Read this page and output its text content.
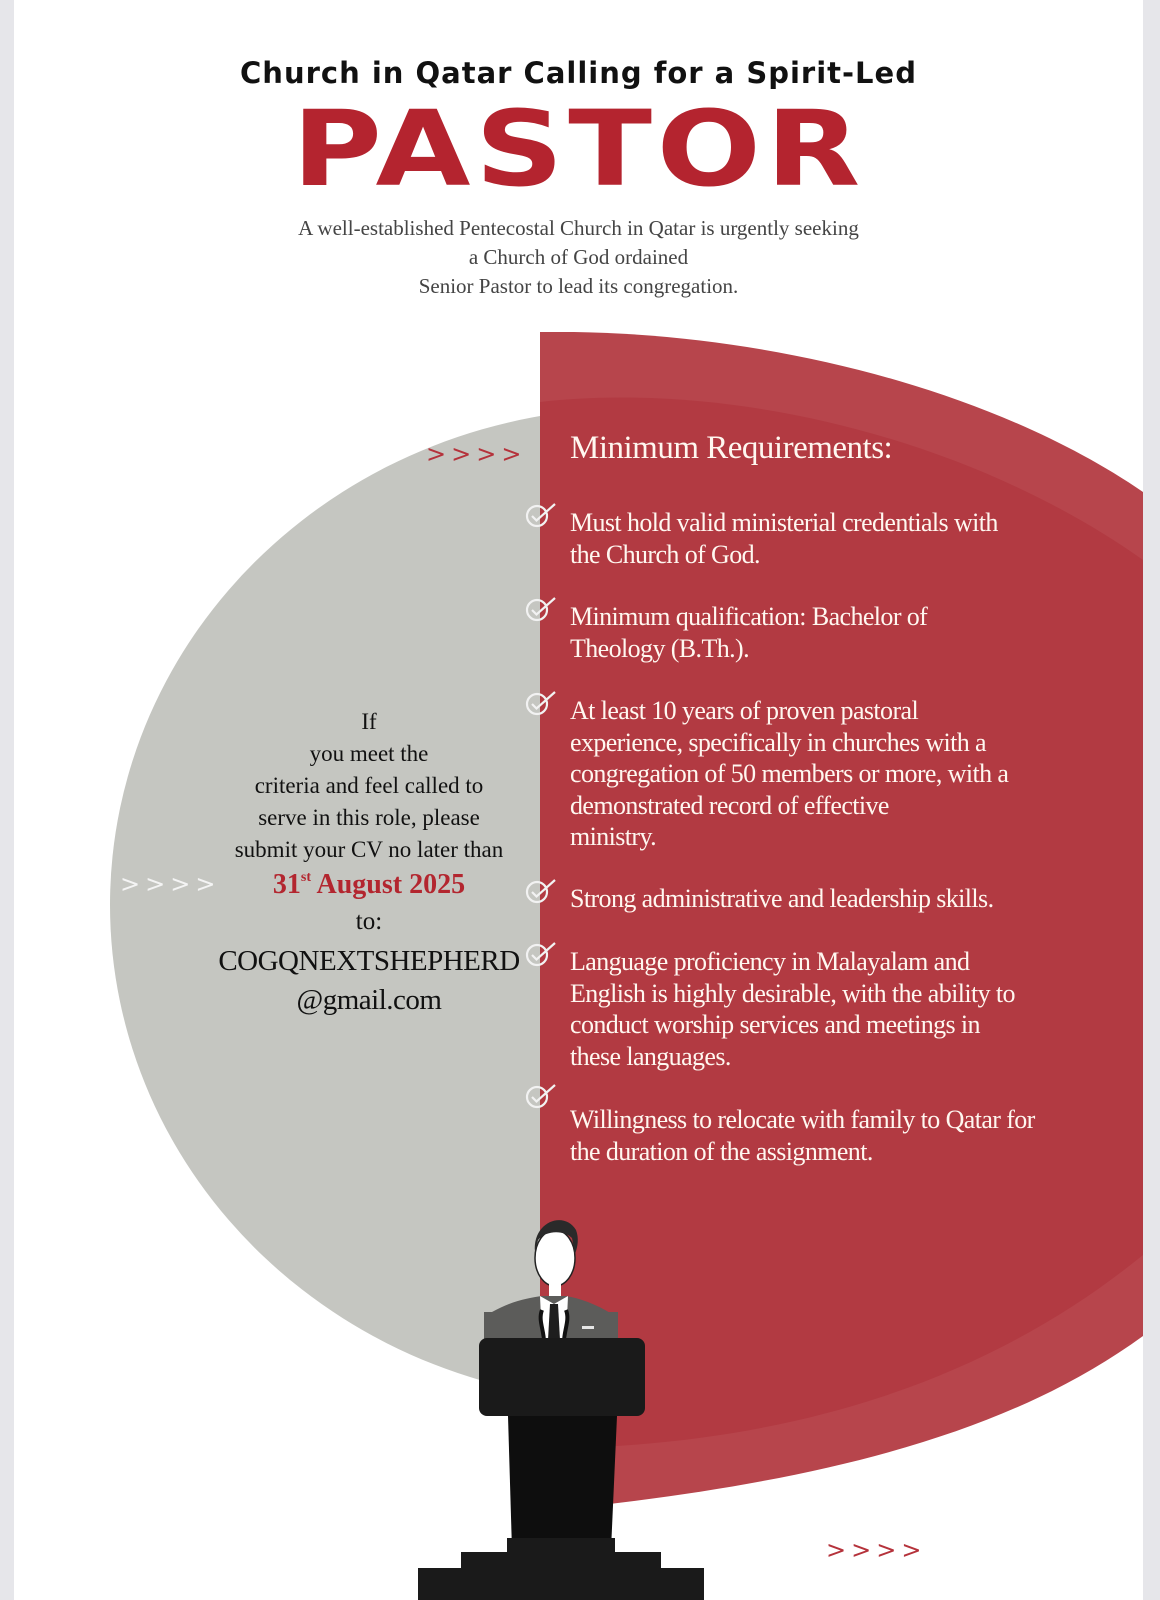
Church in Qatar Calling for a Spirit-Led
PASTOR
A well-established Pentecostal Church in Qatar is urgently seeking
a Church of God ordained
Senior Pastor to lead its congregation.
>>>>
>>>>
>>>>
Minimum Requirements:
Must hold valid ministerial credentials with
the Church of God.
Minimum qualification: Bachelor of
Theology (B.Th.).
At least 10 years of proven pastoral
experience, specifically in churches with a
congregation of 50 members or more, with a
demonstrated record of effective
ministry.
Strong administrative and leadership skills.
Language proficiency in Malayalam and
English is highly desirable, with the ability to
conduct worship services and meetings in
these languages.
Willingness to relocate with family to Qatar for
the duration of the assignment.
If
you meet the
criteria and feel called to
serve in this role, please
submit your CV no later than
31st August 2025
to:
COGQNEXTSHEPHERD
@gmail.com
